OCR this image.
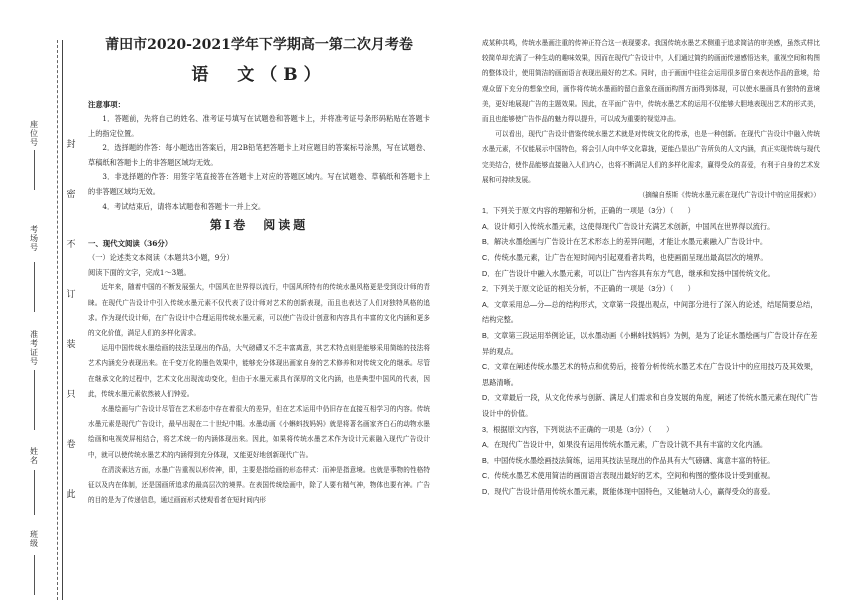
封
密
不
订
装
只
卷
此
座位号
考场号
准考证号
姓名
班级
莆田市2020-2021学年下学期高一第二次月考卷
语　文（B）

注意事项：

1．答题前，先将自己的姓名、准考证号填写在试题卷和答题卡上，并将准考证号条形码粘贴在答题卡上的指定位置。

2．选择题的作答：每小题选出答案后，用2B铅笔把答题卡上对应题目的答案标号涂黑，写在试题卷、草稿纸和答题卡上的非答题区域均无效。

3．非选择题的作答：用签字笔直接答在答题卡上对应的答题区域内。写在试题卷、草稿纸和答题卡上的非答题区域均无效。

4．考试结束后，请将本试题卷和答题卡一并上交。

第Ⅰ卷　阅读题

一、现代文阅读（36分）

（一）论述类文本阅读（本题共3小题，9分）

阅读下面的文字，完成1～3题。

近年来，随着中国的不断发展强大，中国风在世界得以流行，中国风所特有的传统水墨风格更是受到设计师的青睐。在现代广告设计中引入传统水墨元素不仅代表了设计师对艺术的创新表现，而且也表达了人们对独特风格的追求。作为现代设计师，在广告设计中合理运用传统水墨元素，可以使广告设计创意和内容具有丰富的文化内涵和更多的文化价值，满足人们的多样化需求。

运用中国传统水墨绘画的技法呈现出的作品，大气磅礴又不乏丰富离意，其艺术特点则是能够采用简练的技法将艺术内涵充分表现出来。在千变万化的墨色效果中，能够充分体现出画家自身的艺术修养和对传统文化的继承。尽管在继承文化的过程中，艺术文化出现流动变化，但由于水墨元素具有深厚的文化内涵，也是典型中国风的代表，因此，传统水墨元素依然被人们钟爱。

水墨绘画与广告设计尽管在艺术形态中存在着很大的差异，但在艺术运用中仍旧存在直接互相学习的内容。传统水墨元素是现代广告设计，最早出现在二十世纪中期。水墨动画《小蝌蚪找妈妈》就是将著名画家齐白石的动物水墨绘画和电视荧屏相结合，将艺术统一的内涵体现出来。因此，如果将传统水墨艺术作为设计元素融入现代广告设计中，就可以使传统水墨艺术的内涵得到充分体现，又能更好地创新现代广告。

在清淡素达方面，水墨广告重视以形传神，即，主要是指绘画的形态样式：而神是指意境。也就是事物的性格特征以及内在体制，还是国画所追求的最高层次的境界。在表国传统绘画中，除了人要有精气神，物体也要有神。广告的目的是为了传递信息，通过画面形式使观看者在短时间内形

成某种共鸣，传统水墨画注重的传神正符合这一表现要求。我国传统水墨艺术侧重于追求简洁的审美感，虽然式样比较简单却充满了一种生动的趣味效果，因而在现代广告设计中，人们通过简约的画面传递感悟达来，重视空间和构图的整体设计，使用简洁的画面语言表现出最好的艺术。同时，由于画面中往往会运用很多留白来表达作品的意境，给观众留下充分的想象空间，画作将传统水墨画的留白意象在画面构图方面得到体现，可以使水墨画具有独特的意境美，更好地展现广告的主题效果。因此，在平面广告中，传统水墨艺术的运用不仅能够大胆地表现出艺术的形式美，而且也能够使广告作品的魅力得以提升，可以成为重要的视觉冲击。

可以看出，现代广告设计借鉴传统水墨艺术就是对传统文化的传承，也是一种创新。在现代广告设计中融入传统水墨元素，不仅能展示中国特色，将会引人向中华文化靠拢，更能凸显出广告所负的人文内涵，真正实现传统与现代完美结合，使作品能够直接融入人们内心，也将不断满足人们的多样化需求，赢得受众的喜爱，有利于自身的艺术发展和可持续发展。

（摘编自蔡斯《传统水墨元素在现代广告设计中的应用探索》）

1．下列关于原文内容的理解和分析，正确的一项是（3分）（　　）

A．设计师引入传统水墨元素，这使得现代广告设计充满艺术创新，中国风在世界得以流行。

B．解决水墨绘画与广告设计在艺术形态上的差异问题，才能让水墨元素融入广告设计中。

C．传统水墨元素，让广告在短时间内引起观看者共鸣，也使画面呈现出最高层次的境界。

D．在广告设计中融入水墨元素，可以让广告内容具有东方气息，继承和发扬中国传统文化。

2．下列关于原文论证的相关分析，不正确的一项是（3分）（　　）

A．文章采用总—分—总的结构形式，文章第一段提出观点，中间部分进行了深入的论述，结尾简要总结，结构完整。

B．文章第三段运用举例论证，以水墨动画《小蝌蚪找妈妈》为例，是为了论证水墨绘画与广告设计存在差异的观点。

C．文章在阐述传统水墨艺术的特点和优势后，接着分析传统水墨艺术在广告设计中的应用技巧及其效果，思路清晰。

D．文章最后一段，从文化传承与创新、满足人们需求和自身发展的角度，阐述了传统水墨元素在现代广告设计中的价值。

3．根据原文内容，下列说法不正确的一项是（3分）（　　）

A．在现代广告设计中，如果没有运用传统水墨元素，广告设计就不具有丰富的文化内涵。

B．中国传统水墨绘画技法简练，运用其技法呈现出的作品具有大气磅礴、寓意丰富的特征。

C．传统水墨艺术使用简洁的画面语言表现出最好的艺术，空间和构图的整体设计受到重视。

D．现代广告设计借用传统水墨元素，既能体现中国特色，又能触动人心，赢得受众的喜爱。
